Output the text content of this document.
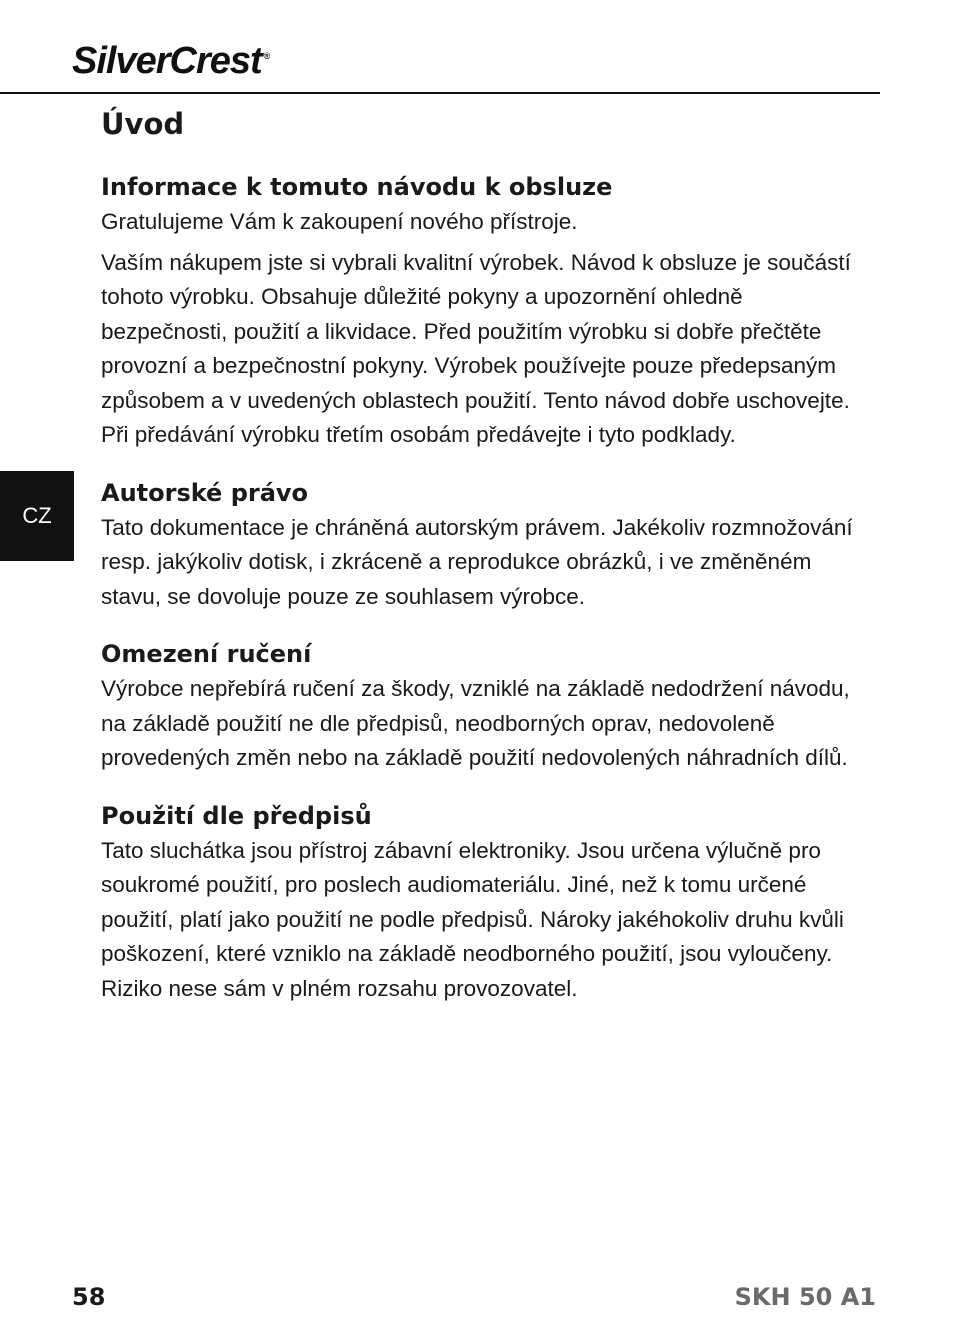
SilverCrest ®
CZ
Úvod
Informace k tomuto návodu k obsluze

Gratulujeme Vám k zakoupení nového přístroje.

Vaším nákupem jste si vybrali kvalitní výrobek. Návod k obsluze je součástí tohoto výrobku. Obsahuje důležité pokyny a upozornění ohledně bezpečnosti, použití a likvidace. Před použitím výrobku si dobře přečtěte provozní a bezpečnostní pokyny. Výrobek používejte pouze předepsaným způsobem a v uvedených oblastech použití. Tento návod dobře uschovejte. Při předávání výrobku třetím osobám předávejte i tyto podklady.

Autorské právo

Tato dokumentace je chráněná autorským právem. Jakékoliv rozmnožování resp. jakýkoliv dotisk, i zkráceně a reprodukce obrázků, i ve změněném stavu, se dovoluje pouze ze souhlasem výrobce.

Omezení ručení

Výrobce nepřebírá ručení za škody, vzniklé na základě nedodržení návodu, na základě použití ne dle předpisů, neodborných oprav, nedovoleně provedených změn nebo na základě použití nedovolených náhradních dílů.

Použití dle předpisů

Tato sluchátka jsou přístroj zábavní elektroniky. Jsou určena výlučně pro soukromé použití, pro poslech audiomateriálu. Jiné, než k tomu určené použití, platí jako použití ne podle předpisů. Nároky jakéhokoliv druhu kvůli poškození, které vzniklo na základě neodborného použití, jsou vyloučeny. Riziko nese sám v plném rozsahu provozovatel.

58	SKH 50 A1
